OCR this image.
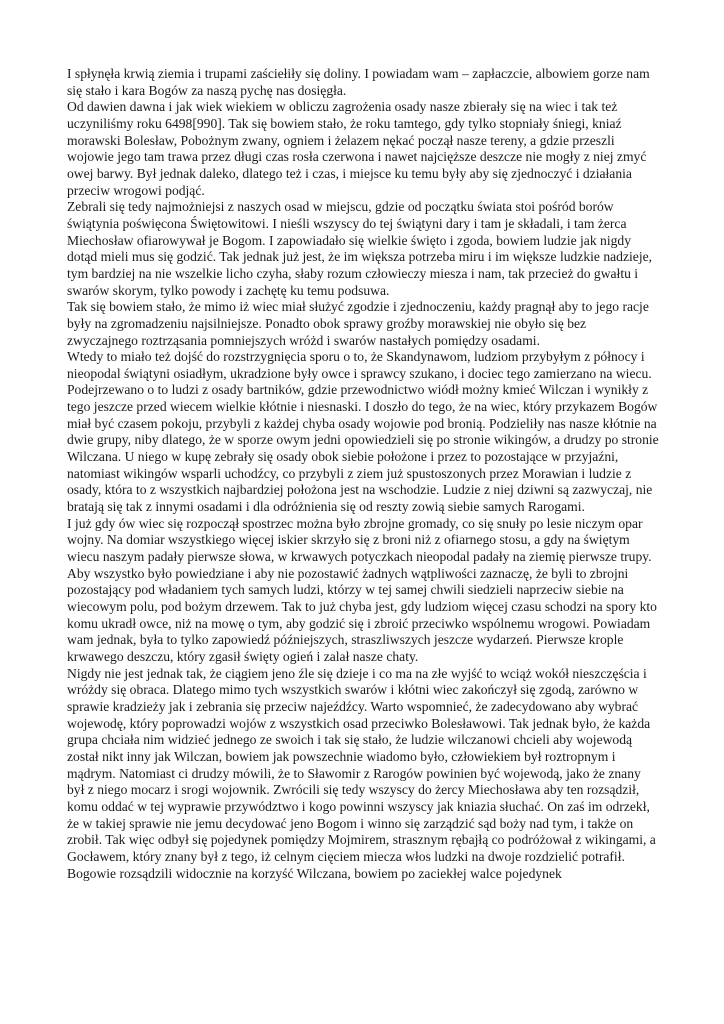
I spłynęła krwią ziemia i trupami zaściełiły się doliny. I powiadam wam – zapłaczcie, albowiem gorze nam się stało i kara Bogów za naszą pychę nas dosięgła.

Od dawien dawna i jak wiek wiekiem w obliczu zagrożenia osady nasze zbierały się na wiec i tak też uczyniliśmy roku 6498[990]. Tak się bowiem stało, że roku tamtego, gdy tylko stopniały śniegi, kniaź morawski Bolesław, Pobożnym zwany, ogniem i żelazem nękać począł nasze tereny, a gdzie przeszli wojowie jego tam trawa przez długi czas rosła czerwona i nawet najcięższe deszcze nie mogły z niej zmyć owej barwy. Był jednak daleko, dlatego też i czas, i miejsce ku temu były aby się zjednoczyć i działania przeciw wrogowi podjąć.

Zebrali się tedy najmożniejsi z naszych osad w miejscu, gdzie od początku świata stoi pośród borów świątynia poświęcona Świętowitowi. I nieśli wszyscy do tej świątyni dary i tam je składali, i tam żerca Miechosław ofiarowywał je Bogom. I zapowiadało się wielkie święto i zgoda, bowiem ludzie jak nigdy dotąd mieli mus się godzić. Tak jednak już jest, że im większa potrzeba miru i im większe ludzkie nadzieje, tym bardziej na nie wszelkie licho czyha, słaby rozum człowieczy miesza i nam, tak przecież do gwałtu i swarów skorym, tylko powody i zachętę ku temu podsuwa.

Tak się bowiem stało, że mimo iż wiec miał służyć zgodzie i zjednoczeniu, każdy pragnął aby to jego racje były na zgromadzeniu najsilniejsze. Ponadto obok sprawy groźby morawskiej nie obyło się bez zwyczajnego roztrząsania pomniejszych wróżd i swarów nastałych pomiędzy osadami.

Wtedy to miało też dojść do rozstrzygnięcia sporu o to, że Skandynawom, ludziom przybyłym z północy i nieopodal świątyni osiadłym, ukradzione były owce i sprawcy szukano, i dociec tego zamierzano na wiecu. Podejrzewano o to ludzi z osady bartników, gdzie przewodnictwo wiódł możny kmieć Wilczan i wynikły z tego jeszcze przed wiecem wielkie kłótnie i niesnaski. I doszło do tego, że na wiec, który przykazem Bogów miał być czasem pokoju, przybyli z każdej chyba osady wojowie pod bronią. Podzieliły nas nasze kłótnie na dwie grupy, niby dlatego, że w sporze owym jedni opowiedzieli się po stronie wikingów, a drudzy po stronie Wilczana. U niego w kupę zebrały się osady obok siebie położone i przez to pozostające w przyjaźni, natomiast wikingów wsparli uchodźcy, co przybyli z ziem już spustoszonych przez Morawian i ludzie z osady, która to z wszystkich najbardziej położona jest na wschodzie. Ludzie z niej dziwni są zazwyczaj, nie bratają się tak z innymi osadami i dla odróżnienia się od reszty zowią siebie samych Rarogami.

I już gdy ów wiec się rozpoczął spostrzec można było zbrojne gromady, co się snuły po lesie niczym opar wojny. Na domiar wszystkiego więcej iskier skrzyło się z broni niż z ofiarnego stosu, a gdy na świętym wiecu naszym padały pierwsze słowa, w krwawych potyczkach nieopodal padały na ziemię pierwsze trupy. Aby wszystko było powiedziane i aby nie pozostawić żadnych wątpliwości zaznaczę, że byli to zbrojni pozostający pod władaniem tych samych ludzi, którzy w tej samej chwili siedzieli naprzeciw siebie na wiecowym polu, pod bożym drzewem. Tak to już chyba jest, gdy ludziom więcej czasu schodzi na spory kto komu ukradł owce, niż na mowę o tym, aby godzić się i zbroić przeciwko wspólnemu wrogowi. Powiadam wam jednak, była to tylko zapowiedź późniejszych, straszliwszych jeszcze wydarzeń. Pierwsze krople krwawego deszczu, który zgasił święty ogień i zalał nasze chaty.

Nigdy nie jest jednak tak, że ciągiem jeno źle się dzieje i co ma na złe wyjść to wciąż wokół nieszczęścia i wróżdy się obraca. Dlatego mimo tych wszystkich swarów i kłótni wiec zakończył się zgodą, zarówno w sprawie kradzieży jak i zebrania się przeciw najeźdźcy. Warto wspomnieć, że zadecydowano aby wybrać wojewodę, który poprowadzi wojów z wszystkich osad przeciwko Bolesławowi. Tak jednak było, że każda grupa chciała nim widzieć jednego ze swoich i tak się stało, że ludzie wilczanowi chcieli aby wojewodą został nikt inny jak Wilczan, bowiem jak powszechnie wiadomo było, człowiekiem był roztropnym i mądrym. Natomiast ci drudzy mówili, że to Sławomir z Rarogów powinien być wojewodą, jako że znany był z niego mocarz i srogi wojownik. Zwrócili się tedy wszyscy do żercy Miechosława aby ten rozsądził, komu oddać w tej wyprawie przywództwo i kogo powinni wszyscy jak kniazia słuchać. On zaś im odrzekł, że w takiej sprawie nie jemu decydować jeno Bogom i winno się zarządzić sąd boży nad tym, i także on zrobił. Tak więc odbył się pojedynek pomiędzy Mojmirem, strasznym rębajłą co podróżował z wikingami, a Gocławem, który znany był z tego, iż celnym cięciem miecza włos ludzki na dwoje rozdzielić potrafił. Bogowie rozsądzili widocznie na korzyść Wilczana, bowiem po zaciekłej walce pojedynek
